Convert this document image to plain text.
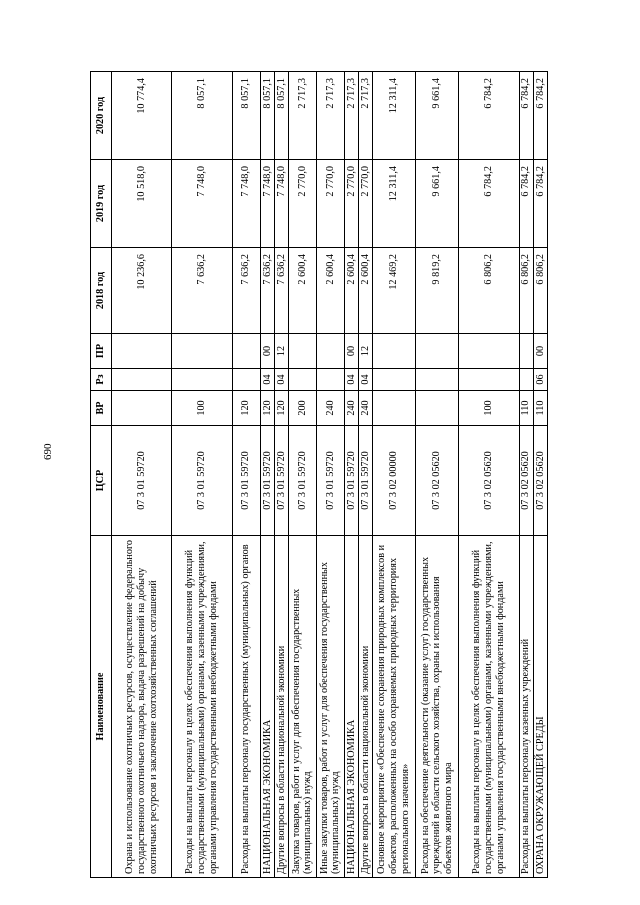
690
Наименование	ЦСР	ВР	Рз	ПР	2018 год	2019 год	2020 год
Охрана и использование охотничьих ресурсов, осуществление федерального государственного охотничьего надзора, выдача разрешений на добычу охотничьих ресурсов и заключение охотхозяйственных соглашений	07 3 01 59720				10 236,6	10 518,0	10 774,4
Расходы на выплаты персоналу в целях обеспечения выполнения функций государственными (муниципальными) органами, казенными учреждениями, органами управления государственными внебюджетными фондами	07 3 01 59720	100			7 636,2	7 748,0	8 057,1
Расходы на выплаты персоналу государственных (муниципальных) органов	07 3 01 59720	120			7 636,2	7 748,0	8 057,1
НАЦИОНАЛЬНАЯ ЭКОНОМИКА	07 3 01 59720	120	04	00	7 636,2	7 748,0	8 057,1
Другие вопросы в области национальной экономики	07 3 01 59720	120	04	12	7 636,2	7 748,0	8 057,1
Закупка товаров, работ и услуг для обеспечения государственных (муниципальных) нужд	07 3 01 59720	200			2 600,4	2 770,0	2 717,3
Иные закупки товаров, работ и услуг для обеспечения государственных (муниципальных) нужд	07 3 01 59720	240			2 600,4	2 770,0	2 717,3
НАЦИОНАЛЬНАЯ ЭКОНОМИКА	07 3 01 59720	240	04	00	2 600,4	2 770,0	2 717,3
Другие вопросы в области национальной экономики	07 3 01 59720	240	04	12	2 600,4	2 770,0	2 717,3
Основное мероприятие «Обеспечение сохранения природных комплексов и объектов, расположенных на особо охраняемых природных территориях регионального значения»	07 3 02 00000				12 469,2	12 311,4	12 311,4
Расходы на обеспечение деятельности (оказание услуг) государственных учреждений в области сельского хозяйства, охраны и использования объектов животного мира	07 3 02 05620				9 819,2	9 661,4	9 661,4
Расходы на выплаты персоналу в целях обеспечения выполнения функций государственными (муниципальными) органами, казенными учреждениями, органами управления государственными внебюджетными фондами	07 3 02 05620	100			6 806,2	6 784,2	6 784,2
Расходы на выплаты персоналу казенных учреждений	07 3 02 05620	110			6 806,2	6 784,2	6 784,2
ОХРАНА ОКРУЖАЮЩЕЙ СРЕДЫ	07 3 02 05620	110	06	00	6 806,2	6 784,2	6 784,2
